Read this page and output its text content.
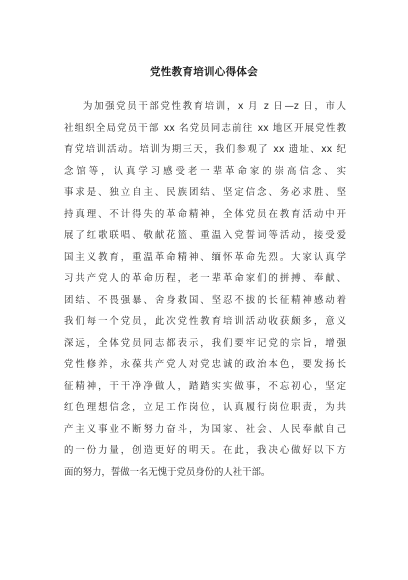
党性教育培训心得体会
为加强党员干部党性教育培训，x 月 z 日—z 日，市人
社组织全局党员干部 xx 名党员同志前往 xx 地区开展党性教
育党培训活动。培训为期三天，我们参观了 xx 遗址、xx 纪
念馆等，认真学习感受老一辈革命家的崇高信念、实
事求是、独立自主、民族团结、坚定信念、务必求胜、坚
持真理、不计得失的革命精神，全体党员在教育活动中开
展了红歌联唱、敬献花篮、重温入党誓词等活动，接受爱
国主义教育，重温革命精神、缅怀革命先烈。大家认真学
习共产党人的革命历程，老一辈革命家们的拼搏、奉献、
团结、不畏强暴、舍身救国、坚忍不拔的长征精神感动着
我们每一个党员，此次党性教育培训活动收获颇多，意义
深远，全体党员同志都表示，我们要牢记党的宗旨，增强
党性修养，永葆共产党人对党忠诚的政治本色，要发扬长
征精神，干干净净做人，踏踏实实做事，不忘初心，坚定
红色理想信念，立足工作岗位，认真履行岗位职责，为共
产主义事业不断努力奋斗，为国家、社会、人民奉献自己
的一份力量，创造更好的明天。在此，我决心做好以下方
面的努力，誓做一名无愧于党员身份的人社干部。
